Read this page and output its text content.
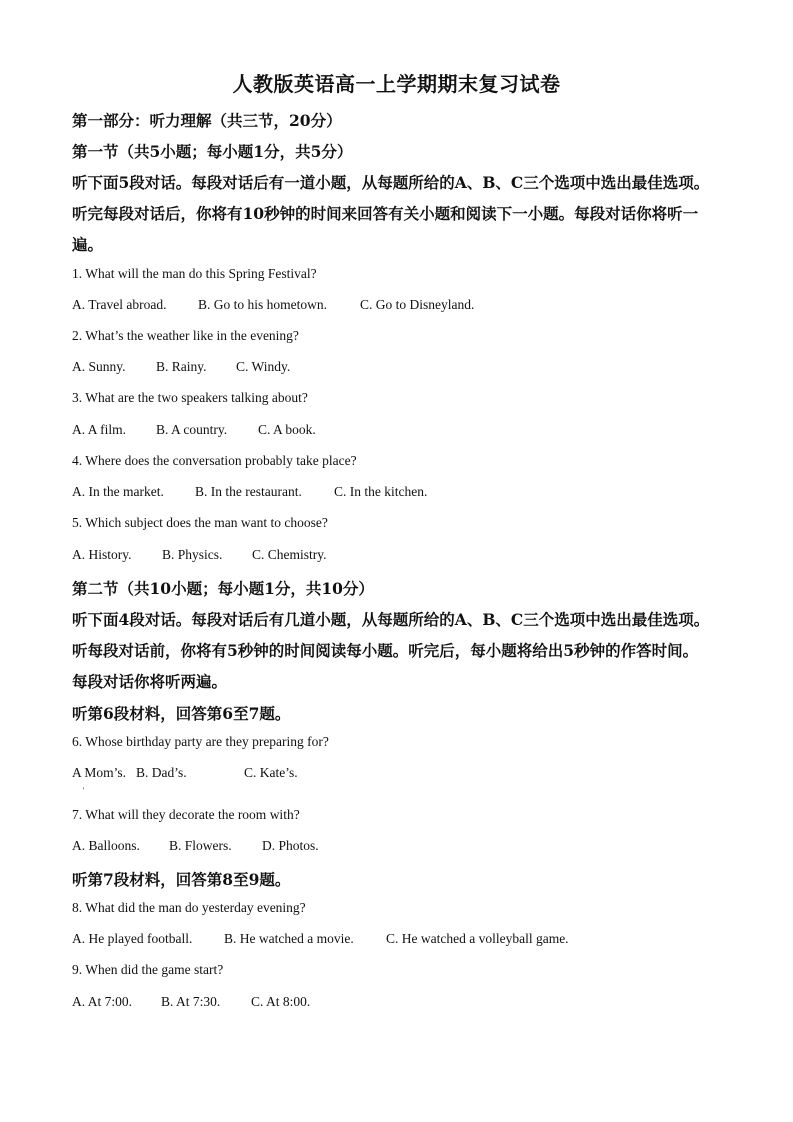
人教版英语高一上学期期末复习试卷
第一部分：听力理解（共三节，20分）
第一节（共5小题；每小题1分，共5分）
听下面5段对话。每段对话后有一道小题，从每题所给的A、B、C三个选项中选出最佳选项。
听完每段对话后，你将有10秒钟的时间来回答有关小题和阅读下一小题。每段对话你将听一
遍。
1. What will the man do this Spring Festival?
A. Travel abroad. B. Go to his hometown. C. Go to Disneyland.
2. What’s the weather like in the evening?
A. Sunny. B. Rainy. C. Windy.
3. What are the two speakers talking about?
A. A film. B. A country. C. A book.
4. Where does the conversation probably take place?
A. In the market. B. In the restaurant. C. In the kitchen.
5. Which subject does the man want to choose?
A. History. B. Physics. C. Chemistry.
第二节（共10小题；每小题1分，共10分）
听下面4段对话。每段对话后有几道小题，从每题所给的A、B、C三个选项中选出最佳选项。
听每段对话前，你将有5秒钟的时间阅读每小题。听完后，每小题将给出5秒钟的作答时间。
每段对话你将听两遍。
听第6段材料，回答第6至7题。
6. Whose birthday party are they preparing for?
A Mom’s. B. Dad’s.	C. Kate’s.
'
7. What will they decorate the room with?
A. Balloons. B. Flowers. D. Photos.
听第7段材料，回答第8至9题。
8. What did the man do yesterday evening?
A. He played football. B. He watched a movie. C. He watched a volleyball game.
9. When did the game start?
A. At 7:00. B. At 7:30. C. At 8:00.
